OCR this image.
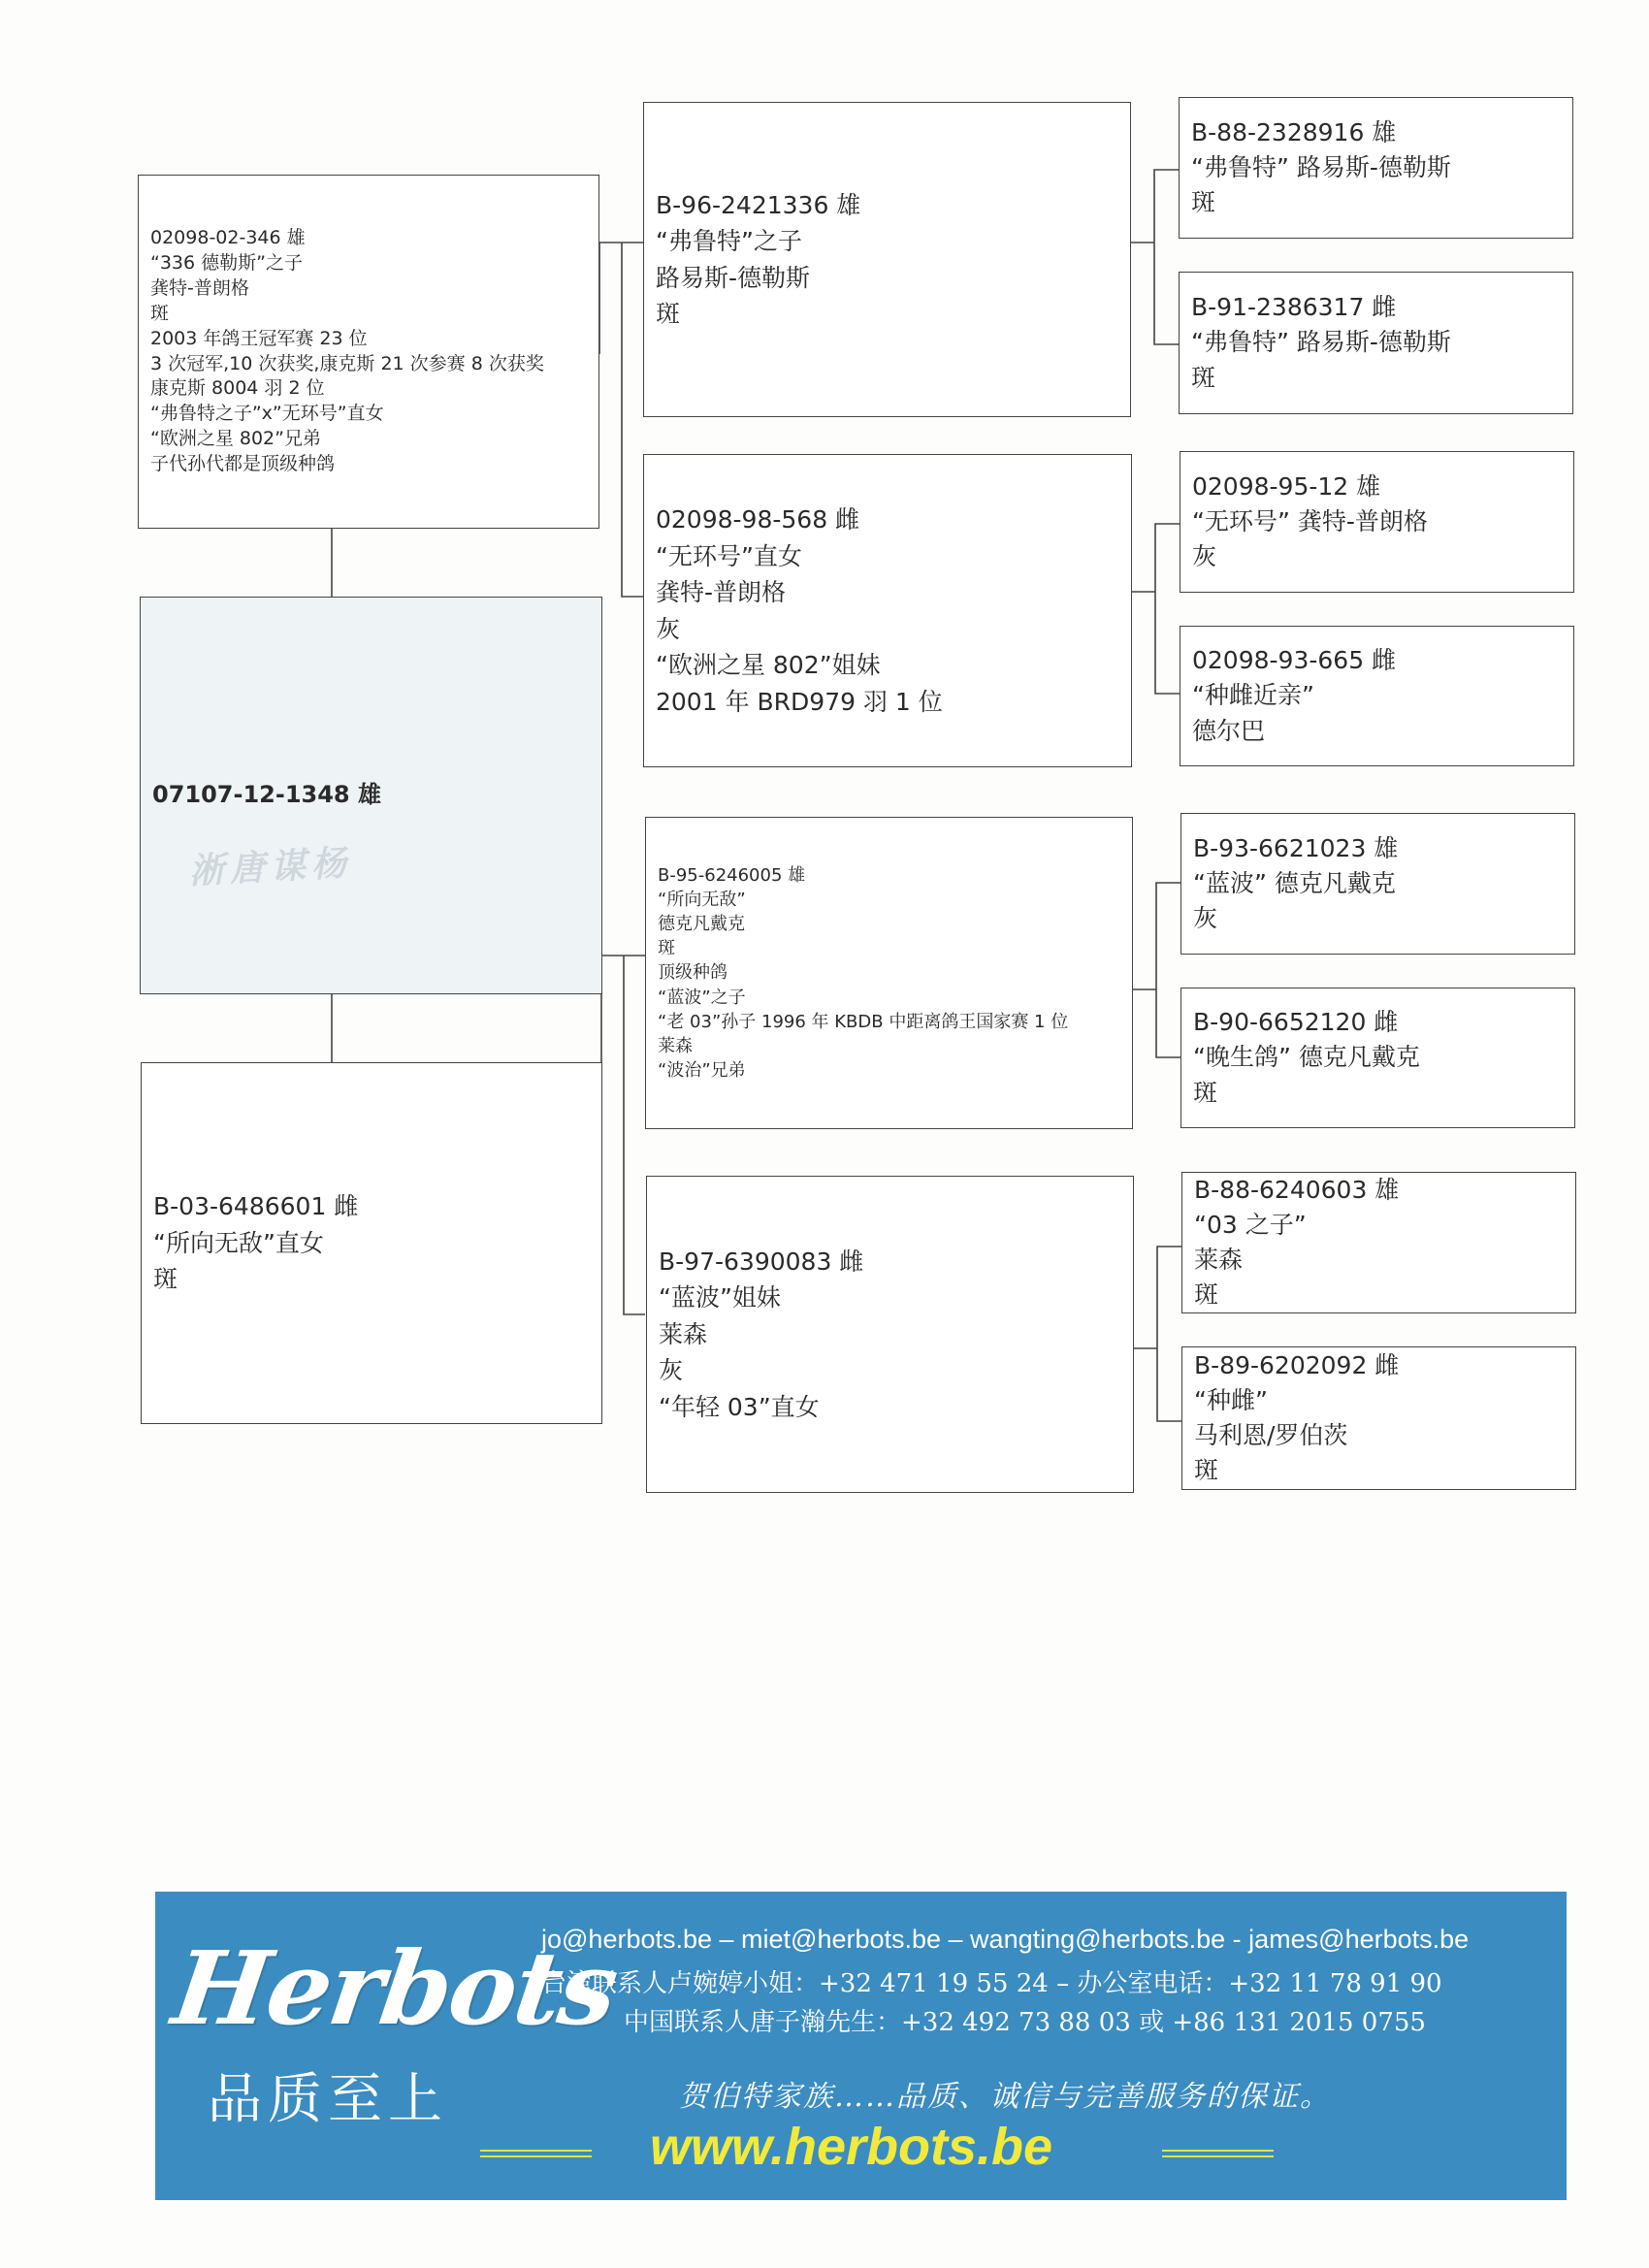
02098-02-346 雄
“336 德勒斯”之子
龚特-普朗格
斑
2003 年鸽王冠军赛 23 位
3 次冠军,10 次获奖,康克斯 21 次参赛 8 次获奖
康克斯 8004 羽 2 位
“弗鲁特之子”x”无环号”直女
“欧洲之星 802”兄弟
子代孙代都是顶级种鸽
07107-12-1348 雄
淅唐谋杨
B-03-6486601 雌
“所向无敌”直女
斑
B-96-2421336 雄
“弗鲁特”之子
路易斯-德勒斯
斑
02098-98-568 雌
“无环号”直女
龚特-普朗格
灰
“欧洲之星 802”姐妹
2001 年 BRD979 羽 1 位
B-95-6246005 雄
“所向无敌”
德克凡戴克
斑
顶级种鸽
“蓝波”之子
“老 03”孙子 1996 年 KBDB 中距离鸽王国家赛 1 位
莱森
“波治”兄弟
B-97-6390083 雌
“蓝波”姐妹
莱森
灰
“年轻 03”直女
B-88-2328916 雄
“弗鲁特” 路易斯-德勒斯
斑
B-91-2386317 雌
“弗鲁特” 路易斯-德勒斯
斑
02098-95-12 雄
“无环号” 龚特-普朗格
灰
02098-93-665 雌
“种雌近亲”
德尔巴
B-93-6621023 雄
“蓝波” 德克凡戴克
灰
B-90-6652120 雌
“晚生鸽” 德克凡戴克
斑
B-88-6240603 雄
“03 之子”
莱森
斑
B-89-6202092 雌
“种雌”
马利恩/罗伯茨
斑
Herbots
品质至上
jo@herbots.be – miet@herbots.be – wangting@herbots.be - james@herbots.be
台湾联系人卢婉婷小姐：+32 471 19 55 24 – 办公室电话：+32 11 78 91 90
中国联系人唐子瀚先生：+32 492 73 88 03 或 +86 131 2015 0755
贺伯特家族……品质、诚信与完善服务的保证。
www.herbots.be
